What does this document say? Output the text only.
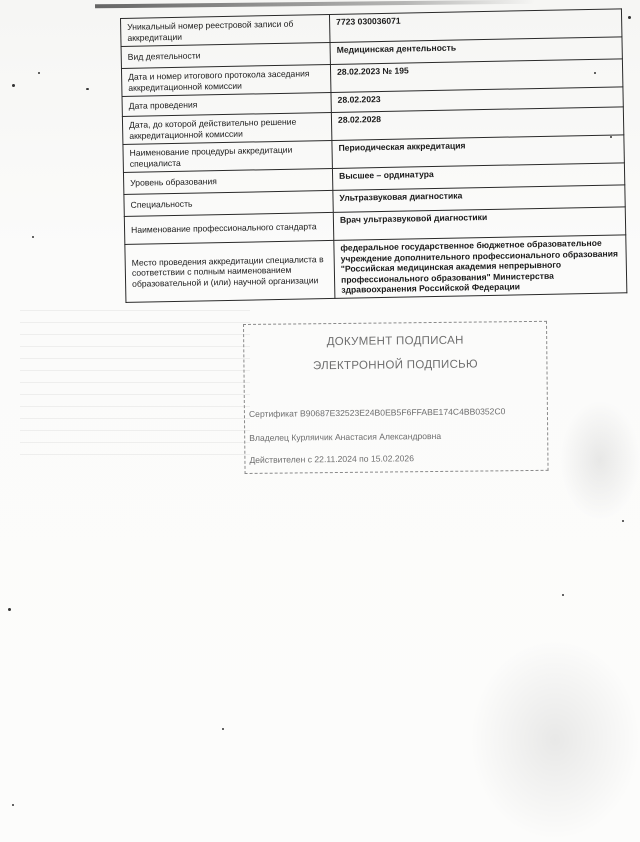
Уникальный номер реестровой записи об аккредитации	7723 030036071
Вид деятельности	Медицинская дентельность
Дата и номер итогового протокола заседания аккредитационной комиссии	28.02.2023 № 195
Дата проведения	28.02.2023
Дата, до которой действительно решение аккредитационной комиссии	28.02.2028
Наименование процедуры аккредитации специалиста	Периодическая аккредитация
Уровень образования	Высшее – ординатура
Специальность	Ультразвуковая диагностика
Наименование профессионального стандарта	Врач ультразвуковой диагностики
Место проведения аккредитации специалиста в соответствии с полным наименованием образовательной и (или) научной организации	федеральное государственное бюджетное образовательное учреждение дополнительного профессионального образования "Российская медицинская академия непрерывного профессионального образования" Министерства здравоохранения Российской Федерации
ДОКУМЕНТ ПОДПИСАН
ЭЛЕКТРОННОЙ ПОДПИСЬЮ
Сертификат В90687Е32523Е24В0ЕВ5F6FFABE174C4BB0352C0
Владелец Курляичик Анастасия Александровна
Действителен с 22.11.2024 по 15.02.2026
